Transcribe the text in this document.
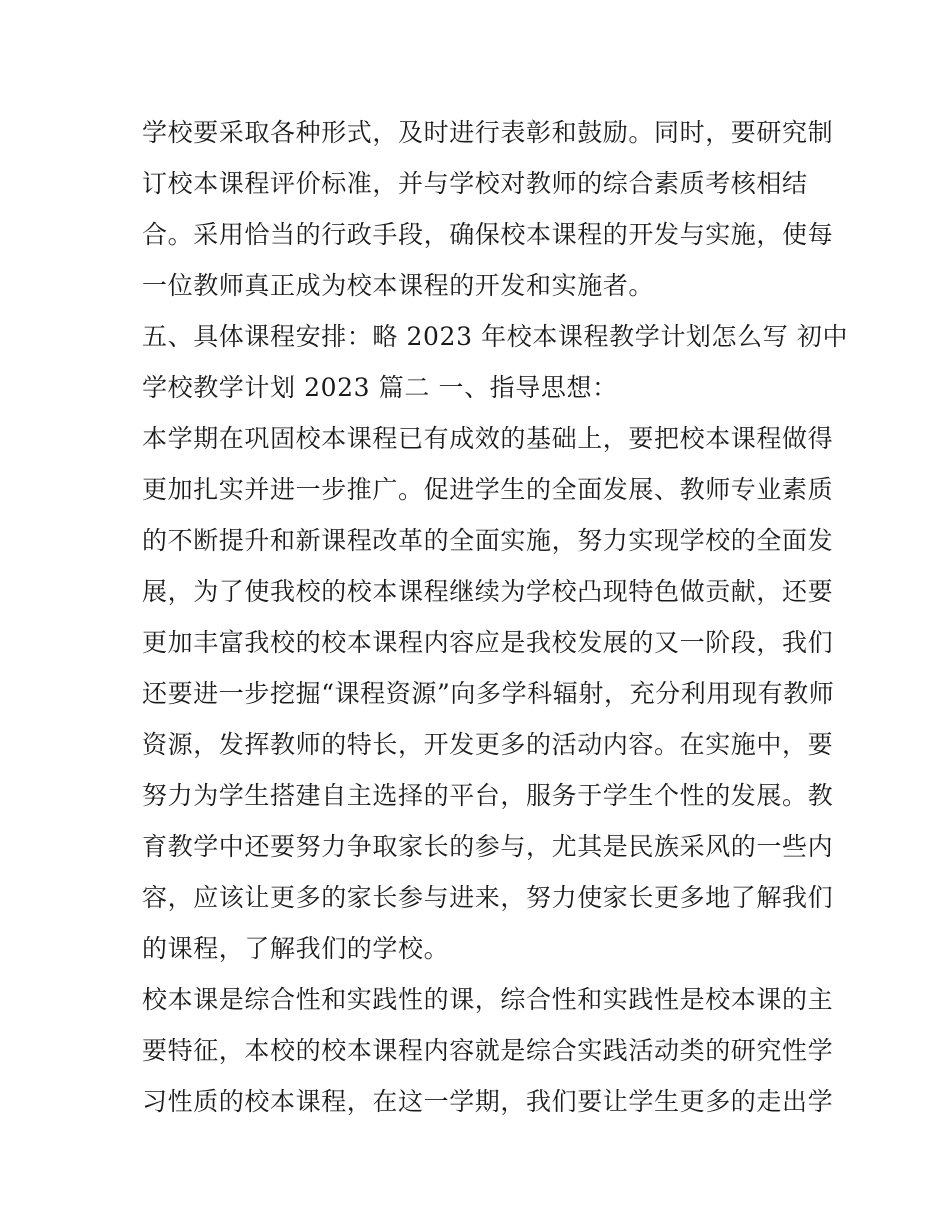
学校要采取各种形式，及时进行表彰和鼓励。同时，要研究制
订校本课程评价标准，并与学校对教师的综合素质考核相结
合。采用恰当的行政手段，确保校本课程的开发与实施，使每
一位教师真正成为校本课程的开发和实施者。
五、具体课程安排：略 2023 年校本课程教学计划怎么写 初中
学校教学计划 2023 篇二 一、指导思想：
本学期在巩固校本课程已有成效的基础上，要把校本课程做得
更加扎实并进一步推广。促进学生的全面发展、教师专业素质
的不断提升和新课程改革的全面实施，努力实现学校的全面发
展，为了使我校的校本课程继续为学校凸现特色做贡献，还要
更加丰富我校的校本课程内容应是我校发展的又一阶段，我们
还要进一步挖掘“课程资源”向多学科辐射，充分利用现有教师
资源，发挥教师的特长，开发更多的活动内容。在实施中，要
努力为学生搭建自主选择的平台，服务于学生个性的发展。教
育教学中还要努力争取家长的参与，尤其是民族采风的一些内
容，应该让更多的家长参与进来，努力使家长更多地了解我们
的课程，了解我们的学校。
校本课是综合性和实践性的课，综合性和实践性是校本课的主
要特征，本校的校本课程内容就是综合实践活动类的研究性学
习性质的校本课程，在这一学期，我们要让学生更多的走出学
